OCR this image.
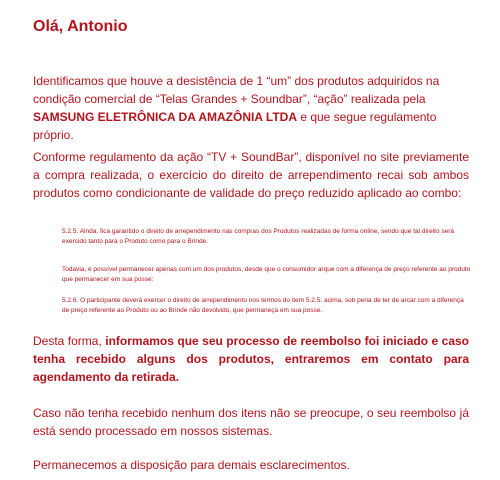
Olá, Antonio

Identificamos que houve a desistência de 1 “um” dos produtos adquiridos na condição comercial de “Telas Grandes + Soundbar”, “ação” realizada pela SAMSUNG ELETRÔNICA DA AMAZÔNIA LTDA e que segue regulamento próprio.

Conforme regulamento da ação “TV + SoundBar”, disponível no site previamente a compra realizada, o exercício do direito de arrependimento recai sob ambos produtos como condicionante de validade do preço reduzido aplicado ao combo:

5.2.5. Ainda, fica garantido o direito de arrependimento nas compras dos Produtos realizadas de forma online, sendo que tal direito será exercido tanto para o Produto como para o Brinde.

Todavia, é possível permanecer apenas com um dos produtos, desde que o consumidor arque com a diferença de preço referente ao produto que permanecer em sua posse:

5.2.6. O participante deverá exercer o direito de arrependimento nos termos do item 5.2.5. acima, sob pena de ter de arcar com a diferença de preço referente ao Produto ou ao Brinde não devolvido, que permaneça em sua posse.

Desta forma, informamos que seu processo de reembolso foi iniciado e caso tenha recebido alguns dos produtos, entraremos em contato para agendamento da retirada.

Caso não tenha recebido nenhum dos itens não se preocupe, o seu reembolso já está sendo processado em nossos sistemas.

Permanecemos a disposição para demais esclarecimentos.
